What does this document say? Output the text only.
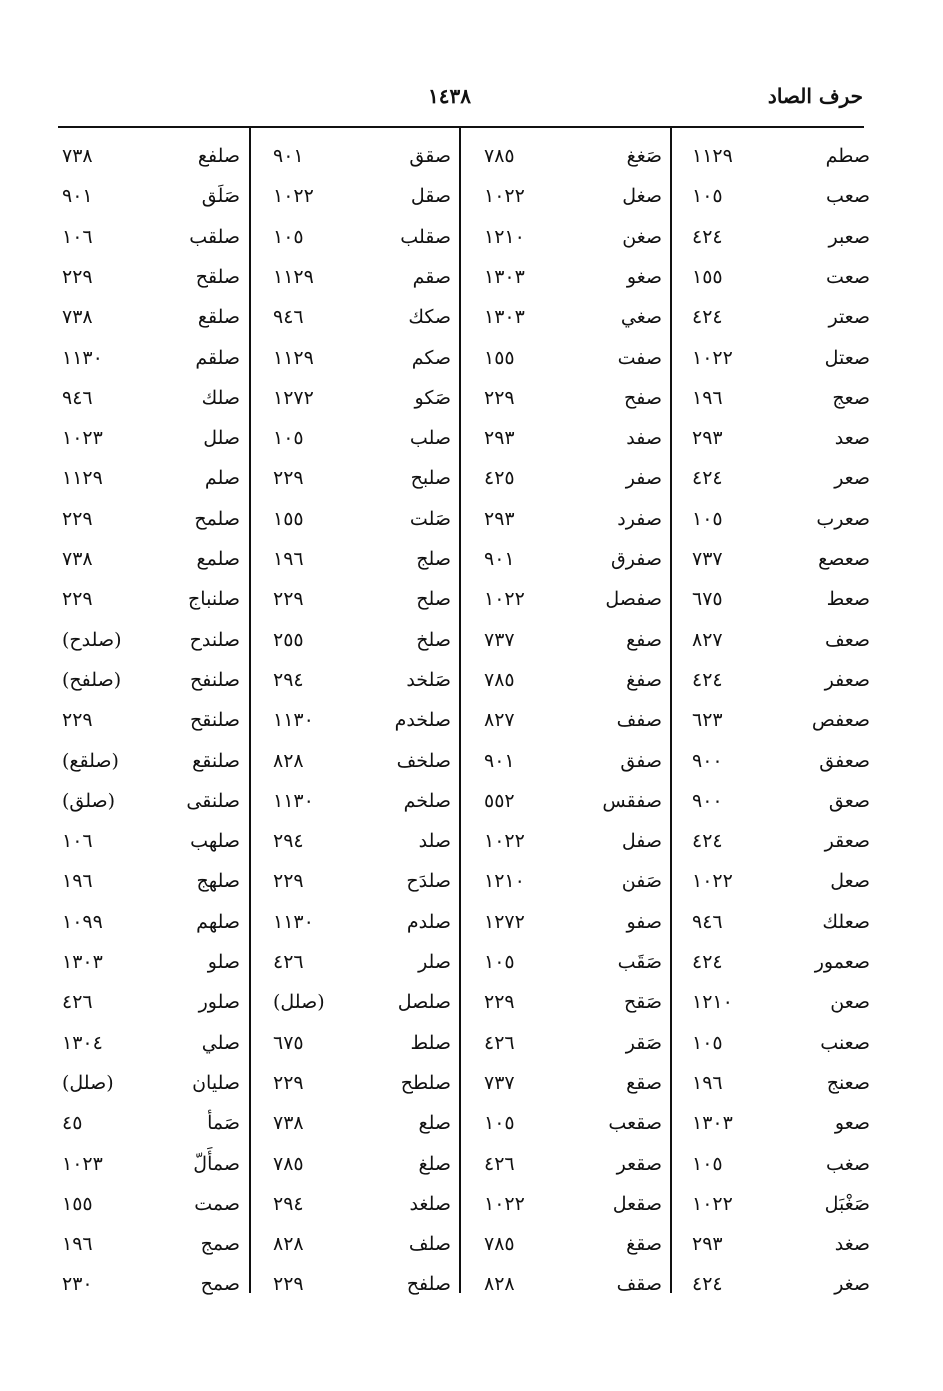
حرف الصاد
١٤٣٨
صطم
١١٢٩
صعب
١٠٥
صعبر
٤٢٤
صعت
١٥٥
صعتر
٤٢٤
صعتل
١٠٢٢
صعج
١٩٦
صعد
٢٩٣
صعر
٤٢٤
صعرب
١٠٥
صعصع
٧٣٧
صعط
٦٧٥
صعف
٨٢٧
صعفر
٤٢٤
صعفص
٦٢٣
صعفق
٩٠٠
صعق
٩٠٠
صعقر
٤٢٤
صعل
١٠٢٢
صعلك
٩٤٦
صعمور
٤٢٤
صعن
١٢١٠
صعنب
١٠٥
صعنج
١٩٦
صعو
١٣٠٣
صغب
١٠٥
صَغْبَل
١٠٢٢
صغد
٢٩٣
صغر
٤٢٤
صَغغ
٧٨٥
صغل
١٠٢٢
صغن
١٢١٠
صغو
١٣٠٣
صغي
١٣٠٣
صفت
١٥٥
صفح
٢٢٩
صفد
٢٩٣
صفر
٤٢٥
صفرد
٢٩٣
صفرق
٩٠١
صفصل
١٠٢٢
صفع
٧٣٧
صفغ
٧٨٥
صفف
٨٢٧
صفق
٩٠١
صفقس
٥٥٢
صفل
١٠٢٢
صَفن
١٢١٠
صفو
١٢٧٢
صَقَب
١٠٥
صَقح
٢٢٩
صَقر
٤٢٦
صقع
٧٣٧
صقعب
١٠٥
صقعر
٤٢٦
صقعل
١٠٢٢
صقغ
٧٨٥
صقف
٨٢٨
صقق
٩٠١
صقل
١٠٢٢
صقلب
١٠٥
صقم
١١٢٩
صكك
٩٤٦
صكم
١١٢٩
صَكو
١٢٧٢
صلب
١٠٥
صلبح
٢٢٩
صَلت
١٥٥
صلج
١٩٦
صلح
٢٢٩
صلخ
٢٥٥
صَلخد
٢٩٤
صلخدم
١١٣٠
صلخف
٨٢٨
صلخم
١١٣٠
صلد
٢٩٤
صلدَح
٢٢٩
صلدم
١١٣٠
صلر
٤٢٦
صلصل
(صلل)
صلط
٦٧٥
صلطح
٢٢٩
صلع
٧٣٨
صلغ
٧٨٥
صلغد
٢٩٤
صلف
٨٢٨
صلفح
٢٢٩
صلفع
٧٣٨
صَلَق
٩٠١
صلقب
١٠٦
صلقح
٢٢٩
صلقع
٧٣٨
صلقم
١١٣٠
صلك
٩٤٦
صلل
١٠٢٣
صلم
١١٢٩
صلمح
٢٢٩
صلمع
٧٣٨
صلنباج
٢٢٩
صلندح
(صلدح)
صلنفح
(صلفح)
صلنقح
٢٢٩
صلنقع
(صلقع)
صلنقى
(صلق)
صلهب
١٠٦
صلهج
١٩٦
صلهم
١٠٩٩
صلو
١٣٠٣
صلور
٤٢٦
صلي
١٣٠٤
صليان
(صلل)
صَمأ
٤٥
صمأَلّ
١٠٢٣
صمت
١٥٥
صمج
١٩٦
صمح
٢٣٠
